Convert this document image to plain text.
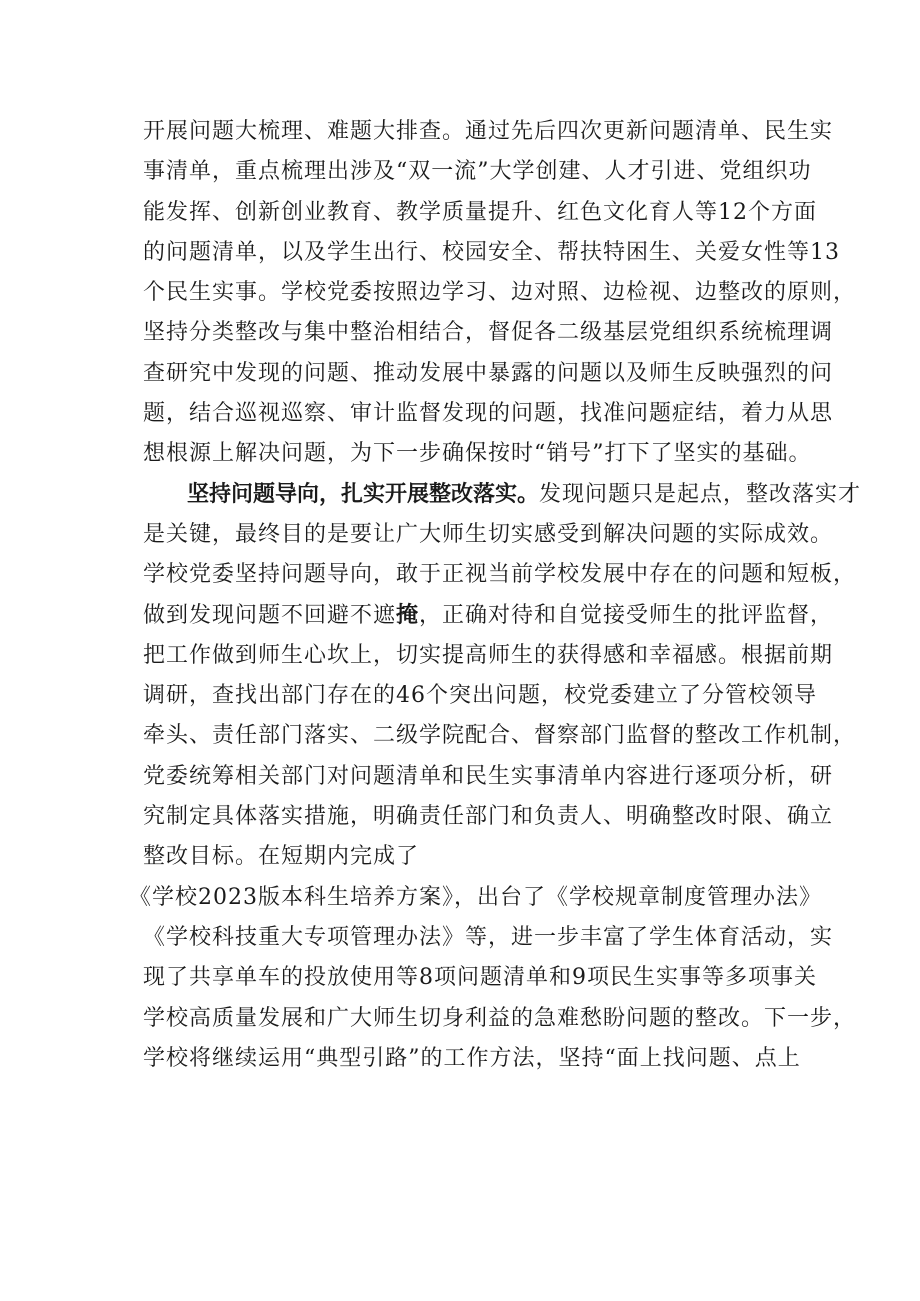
开展问题大梳理、难题大排查。通过先后四次更新问题清单、民生实
事清单，重点梳理出涉及“双一流”大学创建、人才引进、党组织功
能发挥、创新创业教育、教学质量提升、红色文化育人等12个方面
的问题清单，以及学生出行、校园安全、帮扶特困生、关爱女性等13
个民生实事。学校党委按照边学习、边对照、边检视、边整改的原则，
坚持分类整改与集中整治相结合，督促各二级基层党组织系统梳理调
查研究中发现的问题、推动发展中暴露的问题以及师生反映强烈的问
题，结合巡视巡察、审计监督发现的问题，找准问题症结，着力从思
想根源上解决问题，为下一步确保按时“销号”打下了坚实的基础。
坚持问题导向，扎实开展整改落实。发现问题只是起点，整改落实才
是关键，最终目的是要让广大师生切实感受到解决问题的实际成效。
学校党委坚持问题导向，敢于正视当前学校发展中存在的问题和短板，
做到发现问题不回避不遮掩，正确对待和自觉接受师生的批评监督，
把工作做到师生心坎上，切实提高师生的获得感和幸福感。根据前期
调研，查找出部门存在的46个突出问题，校党委建立了分管校领导
牵头、责任部门落实、二级学院配合、督察部门监督的整改工作机制，
党委统筹相关部门对问题清单和民生实事清单内容进行逐项分析，研
究制定具体落实措施，明确责任部门和负责人、明确整改时限、确立
整改目标。在短期内完成了
《学校2023版本科生培养方案》，出台了《学校规章制度管理办法》
《学校科技重大专项管理办法》等，进一步丰富了学生体育活动，实
现了共享单车的投放使用等8项问题清单和9项民生实事等多项事关
学校高质量发展和广大师生切身利益的急难愁盼问题的整改。下一步，
学校将继续运用“典型引路”的工作方法，坚持“面上找问题、点上
